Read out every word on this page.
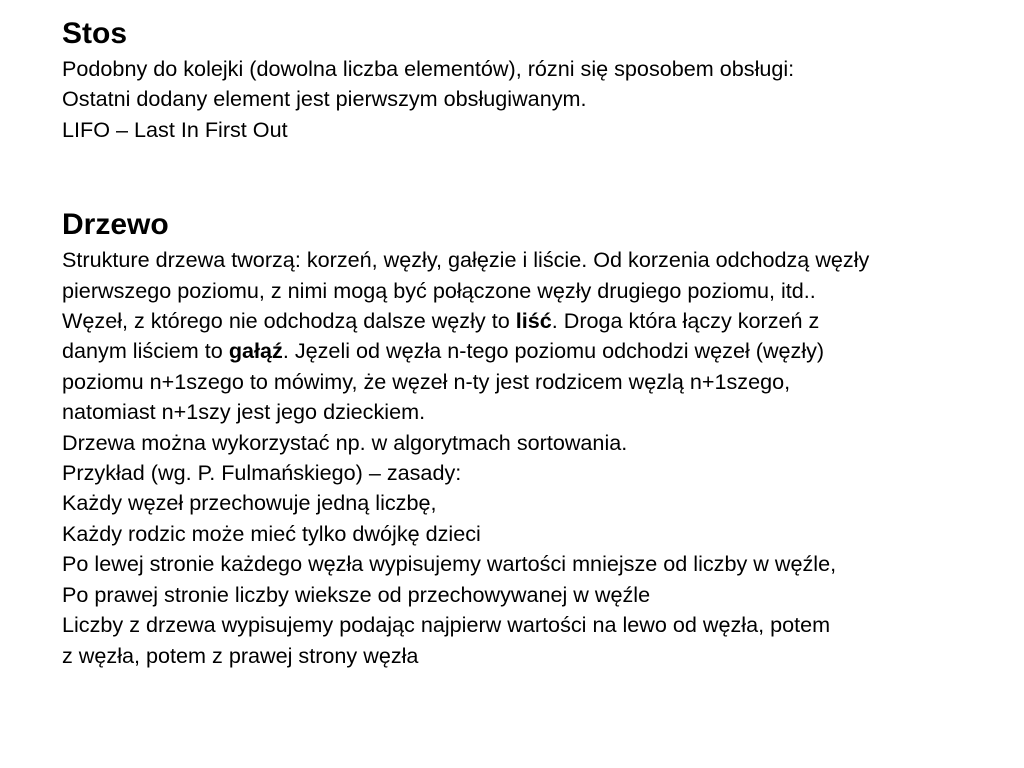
Stos

Podobny do kolejki (dowolna liczba elementów), rózni się sposobem obsługi:

Ostatni dodany element jest pierwszym obsługiwanym.

LIFO – Last In First Out

Drzewo

Strukture drzewa tworzą: korzeń, węzły, gałęzie i liście. Od korzenia odchodzą węzły

pierwszego poziomu, z nimi mogą być połączone węzły drugiego poziomu, itd..

Węzeł, z którego nie odchodzą dalsze węzły to liść. Droga która łączy korzeń z

danym liściem to gałąź. Jęzeli od węzła n-tego poziomu odchodzi węzeł (węzły)

poziomu n+1szego to mówimy, że węzeł n-ty jest rodzicem węzlą n+1szego,

natomiast n+1szy jest jego dzieckiem.

Drzewa można wykorzystać np. w algorytmach sortowania.

Przykład (wg. P. Fulmańskiego) – zasady:

Każdy węzeł przechowuje jedną liczbę,

Każdy rodzic może mieć tylko dwójkę dzieci

Po lewej stronie każdego węzła wypisujemy wartości mniejsze od liczby w węźle,

Po prawej stronie liczby wieksze od przechowywanej w węźle

Liczby z drzewa wypisujemy podając najpierw wartości na lewo od węzła, potem

z węzła, potem z prawej strony węzła
